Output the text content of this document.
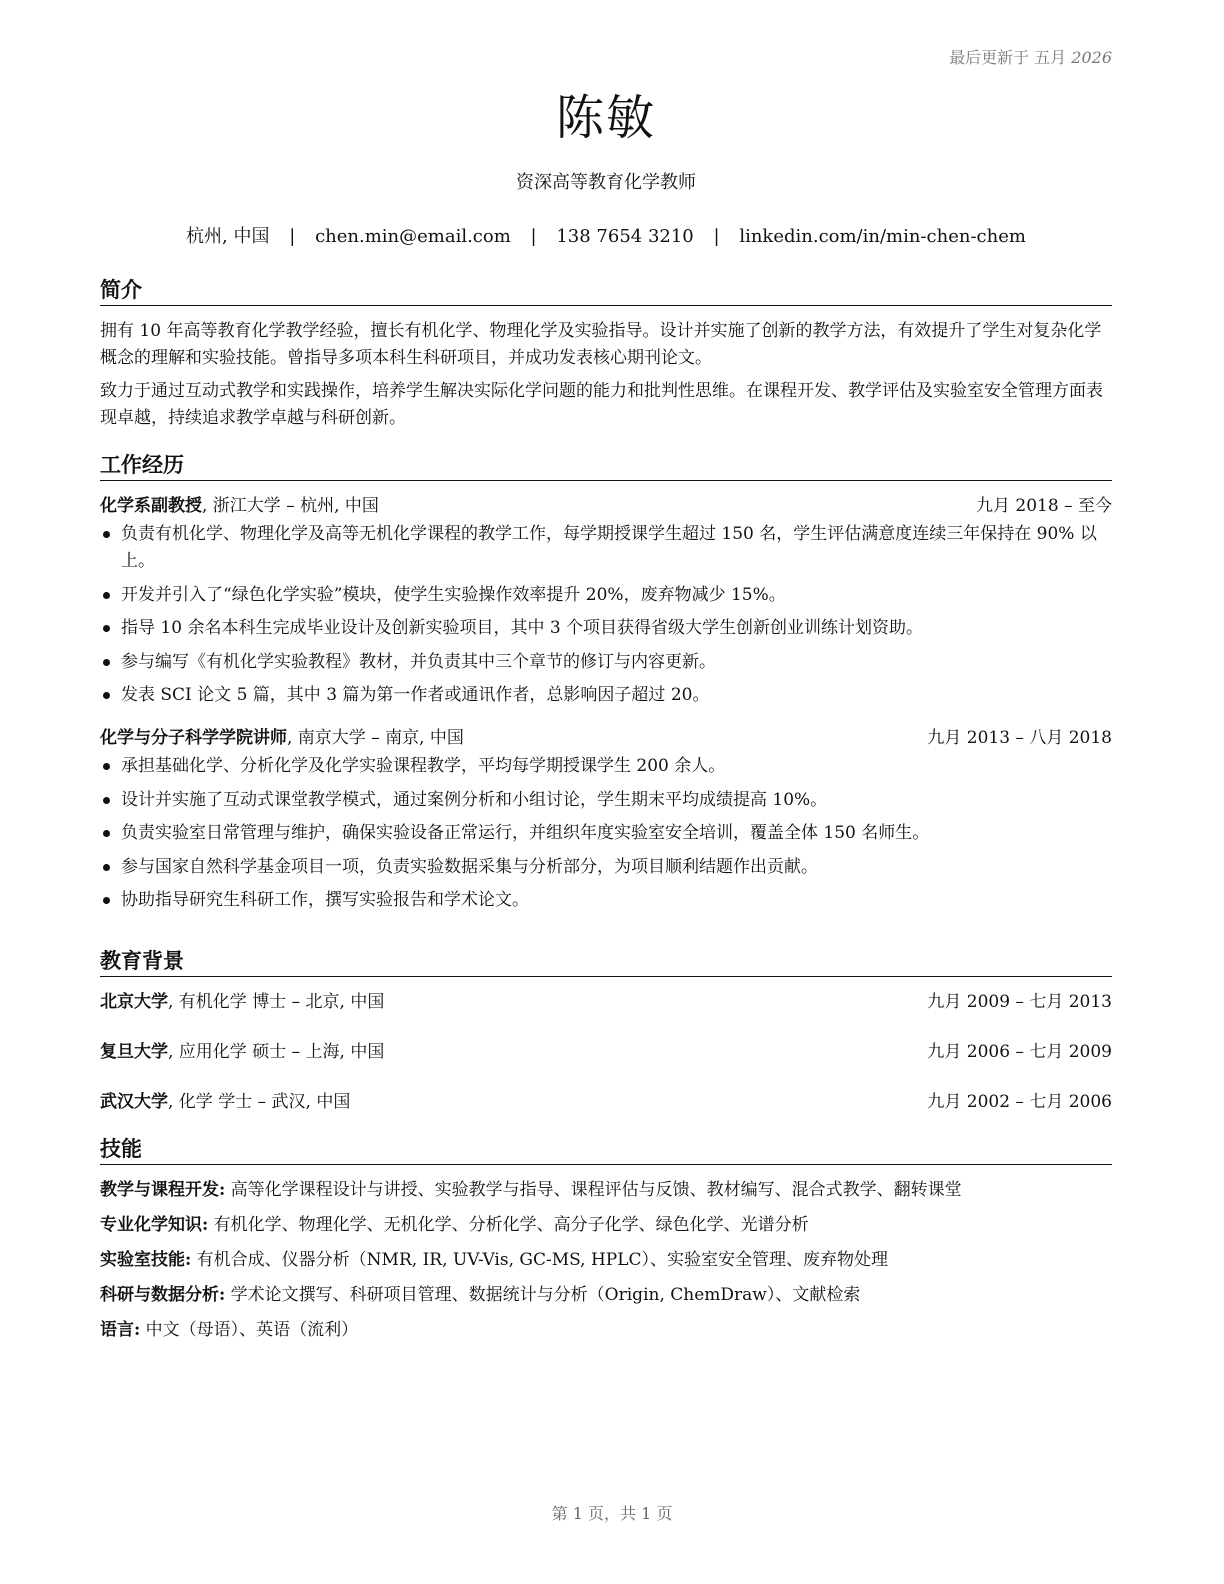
最后更新于 五月 2026
陈敏
资深高等教育化学教师
杭州, 中国 | chen.min@email.com | 138 7654 3210 | linkedin.com/in/min-chen-chem
简介

拥有 10 年高等教育化学教学经验，擅长有机化学、物理化学及实验指导。设计并实施了创新的教学方法，有效提升了学生对复杂化学概念的理解和实验技能。曾指导多项本科生科研项目，并成功发表核心期刊论文。

致力于通过互动式教学和实践操作，培养学生解决实际化学问题的能力和批判性思维。在课程开发、教学评估及实验室安全管理方面表现卓越，持续追求教学卓越与科研创新。

工作经历
化学系副教授, 浙江大学 – 杭州, 中国	九月 2018 – 至今
负责有机化学、物理化学及高等无机化学课程的教学工作，每学期授课学生超过 150 名，学生评估满意度连续三年保持在 90% 以上。
开发并引入了“绿色化学实验”模块，使学生实验操作效率提升 20%，废弃物减少 15%。
指导 10 余名本科生完成毕业设计及创新实验项目，其中 3 个项目获得省级大学生创新创业训练计划资助。
参与编写《有机化学实验教程》教材，并负责其中三个章节的修订与内容更新。
发表 SCI 论文 5 篇，其中 3 篇为第一作者或通讯作者，总影响因子超过 20。
化学与分子科学学院讲师, 南京大学 – 南京, 中国	九月 2013 – 八月 2018
承担基础化学、分析化学及化学实验课程教学，平均每学期授课学生 200 余人。
设计并实施了互动式课堂教学模式，通过案例分析和小组讨论，学生期末平均成绩提高 10%。
负责实验室日常管理与维护，确保实验设备正常运行，并组织年度实验室安全培训，覆盖全体 150 名师生。
参与国家自然科学基金项目一项，负责实验数据采集与分析部分，为项目顺利结题作出贡献。
协助指导研究生科研工作，撰写实验报告和学术论文。
教育背景
北京大学, 有机化学 博士 – 北京, 中国	九月 2009 – 七月 2013
复旦大学, 应用化学 硕士 – 上海, 中国	九月 2006 – 七月 2009
武汉大学, 化学 学士 – 武汉, 中国	九月 2002 – 七月 2006
技能
教学与课程开发: 高等化学课程设计与讲授、实验教学与指导、课程评估与反馈、教材编写、混合式教学、翻转课堂
专业化学知识: 有机化学、物理化学、无机化学、分析化学、高分子化学、绿色化学、光谱分析
实验室技能: 有机合成、仪器分析（NMR, IR, UV-Vis, GC-MS, HPLC）、实验室安全管理、废弃物处理
科研与数据分析: 学术论文撰写、科研项目管理、数据统计与分析（Origin, ChemDraw）、文献检索
语言: 中文（母语）、英语（流利）
第 1 页，共 1 页
